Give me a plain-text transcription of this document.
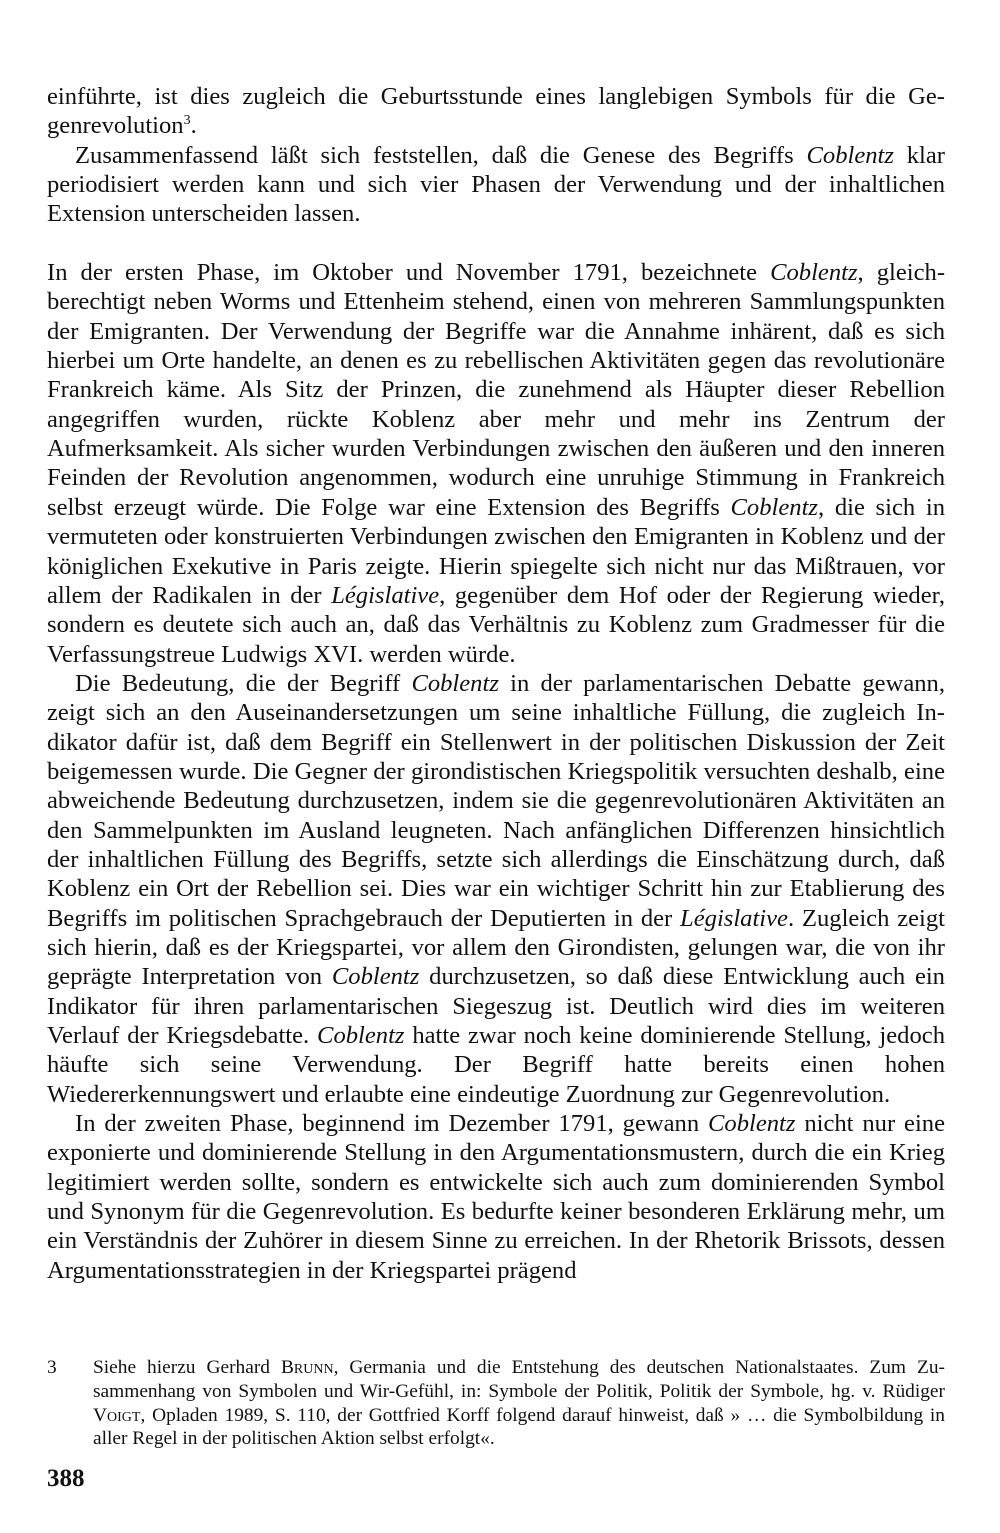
einführte, ist dies zugleich die Geburtsstunde eines langlebigen Symbols für die Gegenrevolution$^3$.

Zusammenfassend läßt sich feststellen, daß die Genese des Begriffs Coblentz klar periodisiert werden kann und sich vier Phasen der Verwendung und der inhaltlichen Extension unterscheiden lassen.

In der ersten Phase, im Oktober und November 1791, bezeichnete Coblentz, gleichberechtigt neben Worms und Ettenheim stehend, einen von mehreren Sammlungspunkten der Emigranten. Der Verwendung der Begriffe war die Annahme inhärent, daß es sich hierbei um Orte handelte, an denen es zu rebellischen Aktivitäten gegen das revolutionäre Frankreich käme. Als Sitz der Prinzen, die zunehmend als Häupter dieser Rebellion angegriffen wurden, rückte Koblenz aber mehr und mehr ins Zentrum der Aufmerksamkeit. Als sicher wurden Verbindungen zwischen den äußeren und den inneren Feinden der Revolution angenommen, wodurch eine unruhige Stimmung in Frankreich selbst erzeugt würde. Die Folge war eine Extension des Begriffs Coblentz, die sich in vermuteten oder konstruierten Verbindungen zwischen den Emigranten in Koblenz und der königlichen Exekutive in Paris zeigte. Hierin spiegelte sich nicht nur das Mißtrauen, vor allem der Radikalen in der Législative, gegenüber dem Hof oder der Regierung wieder, sondern es deutete sich auch an, daß das Verhältnis zu Koblenz zum Gradmesser für die Verfassungstreue Ludwigs XVI. werden würde.

Die Bedeutung, die der Begriff Coblentz in der parlamentarischen Debatte gewann, zeigt sich an den Auseinandersetzungen um seine inhaltliche Füllung, die zugleich Indikator dafür ist, daß dem Begriff ein Stellenwert in der politischen Diskussion der Zeit beigemessen wurde. Die Gegner der girondistischen Kriegspolitik versuchten deshalb, eine abweichende Bedeutung durchzusetzen, indem sie die gegenrevolutionären Aktivitäten an den Sammelpunkten im Ausland leugneten. Nach anfänglichen Differenzen hinsichtlich der inhaltlichen Füllung des Begriffs, setzte sich allerdings die Einschätzung durch, daß Koblenz ein Ort der Rebellion sei. Dies war ein wichtiger Schritt hin zur Etablierung des Begriffs im politischen Sprachgebrauch der Deputierten in der Législative. Zugleich zeigt sich hierin, daß es der Kriegspartei, vor allem den Girondisten, gelungen war, die von ihr geprägte Interpretation von Coblentz durchzusetzen, so daß diese Entwicklung auch ein Indikator für ihren parlamentarischen Siegeszug ist. Deutlich wird dies im weiteren Verlauf der Kriegsdebatte. Coblentz hatte zwar noch keine dominierende Stellung, jedoch häufte sich seine Verwendung. Der Begriff hatte bereits einen hohen Wiedererkennungswert und erlaubte eine eindeutige Zuordnung zur Gegenrevolution.

In der zweiten Phase, beginnend im Dezember 1791, gewann Coblentz nicht nur eine exponierte und dominierende Stellung in den Argumentationsmustern, durch die ein Krieg legitimiert werden sollte, sondern es entwickelte sich auch zum dominierenden Symbol und Synonym für die Gegenrevolution. Es bedurfte keiner besonderen Erklärung mehr, um ein Verständnis der Zuhörer in diesem Sinne zu erreichen. In der Rhetorik Brissots, dessen Argumentationsstrategien in der Kriegspartei prägend

3	Siehe hierzu Gerhard Brunn, Germania und die Entstehung des deutschen Nationalstaates. Zum Zusammenhang von Symbolen und Wir-Gefühl, in: Symbole der Politik, Politik der Symbole, hg. v. Rüdiger Voigt, Opladen 1989, S. 110, der Gottfried Korff folgend darauf hinweist, daß » … die Symbolbildung in aller Regel in der politischen Aktion selbst erfolgt«.
388
